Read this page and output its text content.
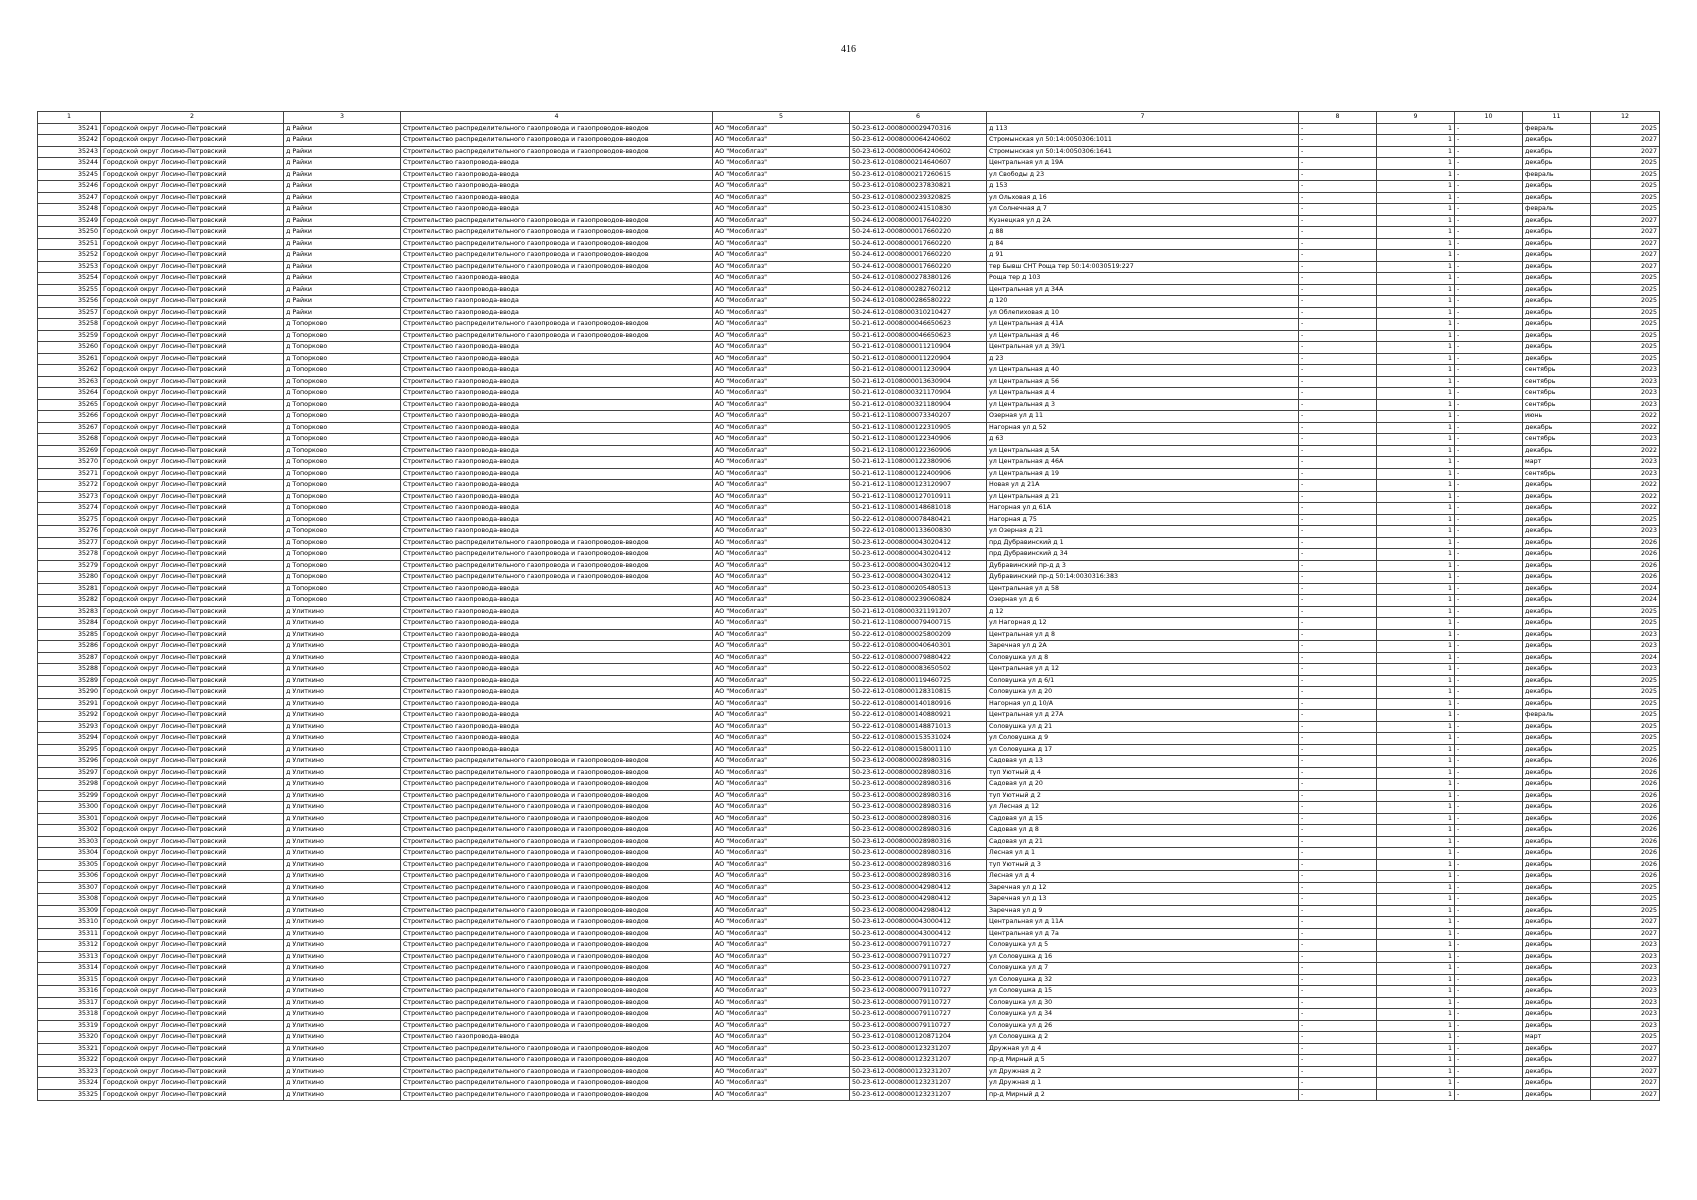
416
1	2	3	4	5	6	7	8	9	10	11	12
35241	Городской округ Лосино-Петровский	д Райки	Строительство распределительного газопровода и газопроводов-вводов	АО "Мособлгаз"	50-23-612-0008000029470316	д 113	-	1	-	февраль	2025
35242	Городской округ Лосино-Петровский	д Райки	Строительство распределительного газопровода и газопроводов-вводов	АО "Мособлгаз"	50-23-612-0008000064240602	Стромынская ул 50:14:0050306:1011	-	1	-	декабрь	2027
35243	Городской округ Лосино-Петровский	д Райки	Строительство распределительного газопровода и газопроводов-вводов	АО "Мособлгаз"	50-23-612-0008000064240602	Стромынская ул 50:14:0050306:1641	-	1	-	декабрь	2027
35244	Городской округ Лосино-Петровский	д Райки	Строительство газопровода-ввода	АО "Мособлгаз"	50-23-612-0108000214640607	Центральная ул д 19А	-	1	-	декабрь	2025
35245	Городской округ Лосино-Петровский	д Райки	Строительство газопровода-ввода	АО "Мособлгаз"	50-23-612-0108000217260615	ул Свободы д 23	-	1	-	февраль	2025
35246	Городской округ Лосино-Петровский	д Райки	Строительство газопровода-ввода	АО "Мособлгаз"	50-23-612-0108000237830821	д 153	-	1	-	декабрь	2025
35247	Городской округ Лосино-Петровский	д Райки	Строительство газопровода-ввода	АО "Мособлгаз"	50-23-612-0108000239320825	ул Ольховая д 16	-	1	-	декабрь	2025
35248	Городской округ Лосино-Петровский	д Райки	Строительство газопровода-ввода	АО "Мособлгаз"	50-23-612-0108000241510830	ул Солнечная д 7	-	1	-	февраль	2025
35249	Городской округ Лосино-Петровский	д Райки	Строительство распределительного газопровода и газопроводов-вводов	АО "Мособлгаз"	50-24-612-0008000017640220	Кузнецкая ул д 2А	-	1	-	декабрь	2027
35250	Городской округ Лосино-Петровский	д Райки	Строительство распределительного газопровода и газопроводов-вводов	АО "Мособлгаз"	50-24-612-0008000017660220	д 88	-	1	-	декабрь	2027
35251	Городской округ Лосино-Петровский	д Райки	Строительство распределительного газопровода и газопроводов-вводов	АО "Мособлгаз"	50-24-612-0008000017660220	д 84	-	1	-	декабрь	2027
35252	Городской округ Лосино-Петровский	д Райки	Строительство распределительного газопровода и газопроводов-вводов	АО "Мособлгаз"	50-24-612-0008000017660220	д 91	-	1	-	декабрь	2027
35253	Городской округ Лосино-Петровский	д Райки	Строительство распределительного газопровода и газопроводов-вводов	АО "Мособлгаз"	50-24-612-0008000017660220	тер Бывш СНТ Роща тер 50:14:0030519:227	-	1	-	декабрь	2027
35254	Городской округ Лосино-Петровский	д Райки	Строительство газопровода-ввода	АО "Мособлгаз"	50-24-612-0108000278380126	Роща тер д 103	-	1	-	декабрь	2025
35255	Городской округ Лосино-Петровский	д Райки	Строительство газопровода-ввода	АО "Мособлгаз"	50-24-612-0108000282760212	Центральная ул д 34А	-	1	-	декабрь	2025
35256	Городской округ Лосино-Петровский	д Райки	Строительство газопровода-ввода	АО "Мособлгаз"	50-24-612-0108000286580222	д 120	-	1	-	декабрь	2025
35257	Городской округ Лосино-Петровский	д Райки	Строительство газопровода-ввода	АО "Мособлгаз"	50-24-612-0108000310210427	ул Облепиховая д 10	-	1	-	декабрь	2025
35258	Городской округ Лосино-Петровский	д Топорково	Строительство распределительного газопровода и газопроводов-вводов	АО "Мособлгаз"	50-21-612-0008000046650623	ул Центральная д 41А	-	1	-	декабрь	2025
35259	Городской округ Лосино-Петровский	д Топорково	Строительство распределительного газопровода и газопроводов-вводов	АО "Мособлгаз"	50-21-612-0008000046650623	ул Центральная д 46	-	1	-	декабрь	2025
35260	Городской округ Лосино-Петровский	д Топорково	Строительство газопровода-ввода	АО "Мособлгаз"	50-21-612-0108000011210904	Центральная ул д 39/1	-	1	-	декабрь	2025
35261	Городской округ Лосино-Петровский	д Топорково	Строительство газопровода-ввода	АО "Мособлгаз"	50-21-612-0108000011220904	д 23	-	1	-	декабрь	2025
35262	Городской округ Лосино-Петровский	д Топорково	Строительство газопровода-ввода	АО "Мособлгаз"	50-21-612-0108000011230904	ул Центральная д 40	-	1	-	сентябрь	2023
35263	Городской округ Лосино-Петровский	д Топорково	Строительство газопровода-ввода	АО "Мособлгаз"	50-21-612-0108000013630904	ул Центральная д 56	-	1	-	сентябрь	2023
35264	Городской округ Лосино-Петровский	д Топорково	Строительство газопровода-ввода	АО "Мособлгаз"	50-21-612-0108000321170904	ул Центральная д 4	-	1	-	сентябрь	2023
35265	Городской округ Лосино-Петровский	д Топорково	Строительство газопровода-ввода	АО "Мособлгаз"	50-21-612-0108000321180904	ул Центральная д 3	-	1	-	сентябрь	2023
35266	Городской округ Лосино-Петровский	д Топорково	Строительство газопровода-ввода	АО "Мособлгаз"	50-21-612-1108000073340207	Озерная ул д 11	-	1	-	июнь	2022
35267	Городской округ Лосино-Петровский	д Топорково	Строительство газопровода-ввода	АО "Мособлгаз"	50-21-612-1108000122310905	Нагорная ул д 52	-	1	-	декабрь	2022
35268	Городской округ Лосино-Петровский	д Топорково	Строительство газопровода-ввода	АО "Мособлгаз"	50-21-612-1108000122340906	д 63	-	1	-	сентябрь	2023
35269	Городской округ Лосино-Петровский	д Топорково	Строительство газопровода-ввода	АО "Мособлгаз"	50-21-612-1108000122360906	ул Центральная д 5А	-	1	-	декабрь	2022
35270	Городской округ Лосино-Петровский	д Топорково	Строительство газопровода-ввода	АО "Мособлгаз"	50-21-612-1108000122380906	ул Центральная д 46А	-	1	-	март	2023
35271	Городской округ Лосино-Петровский	д Топорково	Строительство газопровода-ввода	АО "Мособлгаз"	50-21-612-1108000122400906	ул Центральная д 19	-	1	-	сентябрь	2023
35272	Городской округ Лосино-Петровский	д Топорково	Строительство газопровода-ввода	АО "Мособлгаз"	50-21-612-1108000123120907	Новая ул д 21А	-	1	-	декабрь	2022
35273	Городской округ Лосино-Петровский	д Топорково	Строительство газопровода-ввода	АО "Мособлгаз"	50-21-612-1108000127010911	ул Центральная д 21	-	1	-	декабрь	2022
35274	Городской округ Лосино-Петровский	д Топорково	Строительство газопровода-ввода	АО "Мособлгаз"	50-21-612-1108000148681018	Нагорная ул д 61А	-	1	-	декабрь	2022
35275	Городской округ Лосино-Петровский	д Топорково	Строительство газопровода-ввода	АО "Мособлгаз"	50-22-612-0108000078480421	Нагорная д 75	-	1	-	декабрь	2025
35276	Городской округ Лосино-Петровский	д Топорково	Строительство газопровода-ввода	АО "Мособлгаз"	50-22-612-0108000133600830	ул Озерная д 21	-	1	-	декабрь	2023
35277	Городской округ Лосино-Петровский	д Топорково	Строительство распределительного газопровода и газопроводов-вводов	АО "Мособлгаз"	50-23-612-0008000043020412	прд Дубравинский д 1	-	1	-	декабрь	2026
35278	Городской округ Лосино-Петровский	д Топорково	Строительство распределительного газопровода и газопроводов-вводов	АО "Мособлгаз"	50-23-612-0008000043020412	прд Дубравинский д 34	-	1	-	декабрь	2026
35279	Городской округ Лосино-Петровский	д Топорково	Строительство распределительного газопровода и газопроводов-вводов	АО "Мособлгаз"	50-23-612-0008000043020412	Дубравинский пр-д д 3	-	1	-	декабрь	2026
35280	Городской округ Лосино-Петровский	д Топорково	Строительство распределительного газопровода и газопроводов-вводов	АО "Мособлгаз"	50-23-612-0008000043020412	Дубравинский пр-д 50:14:0030316:383	-	1	-	декабрь	2026
35281	Городской округ Лосино-Петровский	д Топорково	Строительство газопровода-ввода	АО "Мособлгаз"	50-23-612-0108000205480513	Центральная ул д 58	-	1	-	декабрь	2024
35282	Городской округ Лосино-Петровский	д Топорково	Строительство газопровода-ввода	АО "Мособлгаз"	50-23-612-0108000239060824	Озерная ул д 6	-	1	-	декабрь	2024
35283	Городской округ Лосино-Петровский	д Улиткино	Строительство газопровода-ввода	АО "Мособлгаз"	50-21-612-0108000321191207	д 12	-	1	-	декабрь	2025
35284	Городской округ Лосино-Петровский	д Улиткино	Строительство газопровода-ввода	АО "Мособлгаз"	50-21-612-1108000079400715	ул Нагорная д 12	-	1	-	декабрь	2025
35285	Городской округ Лосино-Петровский	д Улиткино	Строительство газопровода-ввода	АО "Мособлгаз"	50-22-612-0108000025800209	Центральная ул д 8	-	1	-	декабрь	2023
35286	Городской округ Лосино-Петровский	д Улиткино	Строительство газопровода-ввода	АО "Мособлгаз"	50-22-612-0108000040640301	Заречная ул д 2А	-	1	-	декабрь	2023
35287	Городской округ Лосино-Петровский	д Улиткино	Строительство газопровода-ввода	АО "Мособлгаз"	50-22-612-0108000079880422	Соловушка ул д 8	-	1	-	декабрь	2024
35288	Городской округ Лосино-Петровский	д Улиткино	Строительство газопровода-ввода	АО "Мособлгаз"	50-22-612-0108000083650502	Центральная ул д 12	-	1	-	декабрь	2023
35289	Городской округ Лосино-Петровский	д Улиткино	Строительство газопровода-ввода	АО "Мособлгаз"	50-22-612-0108000119460725	Соловушка ул д 6/1	-	1	-	декабрь	2025
35290	Городской округ Лосино-Петровский	д Улиткино	Строительство газопровода-ввода	АО "Мособлгаз"	50-22-612-0108000128310815	Соловушка ул д 20	-	1	-	декабрь	2025
35291	Городской округ Лосино-Петровский	д Улиткино	Строительство газопровода-ввода	АО "Мособлгаз"	50-22-612-0108000140180916	Нагорная ул д 10/А	-	1	-	декабрь	2025
35292	Городской округ Лосино-Петровский	д Улиткино	Строительство газопровода-ввода	АО "Мособлгаз"	50-22-612-0108000140880921	Центральная ул д 27А	-	1	-	февраль	2025
35293	Городской округ Лосино-Петровский	д Улиткино	Строительство газопровода-ввода	АО "Мособлгаз"	50-22-612-0108000148871013	Соловушка ул д 21	-	1	-	декабрь	2025
35294	Городской округ Лосино-Петровский	д Улиткино	Строительство газопровода-ввода	АО "Мособлгаз"	50-22-612-0108000153531024	ул Соловушка д 9	-	1	-	декабрь	2025
35295	Городской округ Лосино-Петровский	д Улиткино	Строительство газопровода-ввода	АО "Мособлгаз"	50-22-612-0108000158001110	ул Соловушка д 17	-	1	-	декабрь	2025
35296	Городской округ Лосино-Петровский	д Улиткино	Строительство распределительного газопровода и газопроводов-вводов	АО "Мособлгаз"	50-23-612-0008000028980316	Садовая ул д 13	-	1	-	декабрь	2026
35297	Городской округ Лосино-Петровский	д Улиткино	Строительство распределительного газопровода и газопроводов-вводов	АО "Мособлгаз"	50-23-612-0008000028980316	туп Уютный д 4	-	1	-	декабрь	2026
35298	Городской округ Лосино-Петровский	д Улиткино	Строительство распределительного газопровода и газопроводов-вводов	АО "Мособлгаз"	50-23-612-0008000028980316	Садовая ул д 20	-	1	-	декабрь	2026
35299	Городской округ Лосино-Петровский	д Улиткино	Строительство распределительного газопровода и газопроводов-вводов	АО "Мособлгаз"	50-23-612-0008000028980316	туп Уютный д 2	-	1	-	декабрь	2026
35300	Городской округ Лосино-Петровский	д Улиткино	Строительство распределительного газопровода и газопроводов-вводов	АО "Мособлгаз"	50-23-612-0008000028980316	ул Лесная д 12	-	1	-	декабрь	2026
35301	Городской округ Лосино-Петровский	д Улиткино	Строительство распределительного газопровода и газопроводов-вводов	АО "Мособлгаз"	50-23-612-0008000028980316	Садовая ул д 15	-	1	-	декабрь	2026
35302	Городской округ Лосино-Петровский	д Улиткино	Строительство распределительного газопровода и газопроводов-вводов	АО "Мособлгаз"	50-23-612-0008000028980316	Садовая ул д 8	-	1	-	декабрь	2026
35303	Городской округ Лосино-Петровский	д Улиткино	Строительство распределительного газопровода и газопроводов-вводов	АО "Мособлгаз"	50-23-612-0008000028980316	Садовая ул д 21	-	1	-	декабрь	2026
35304	Городской округ Лосино-Петровский	д Улиткино	Строительство распределительного газопровода и газопроводов-вводов	АО "Мособлгаз"	50-23-612-0008000028980316	Лесная ул д 1	-	1	-	декабрь	2026
35305	Городской округ Лосино-Петровский	д Улиткино	Строительство распределительного газопровода и газопроводов-вводов	АО "Мособлгаз"	50-23-612-0008000028980316	туп Уютный д 3	-	1	-	декабрь	2026
35306	Городской округ Лосино-Петровский	д Улиткино	Строительство распределительного газопровода и газопроводов-вводов	АО "Мособлгаз"	50-23-612-0008000028980316	Лесная ул д 4	-	1	-	декабрь	2026
35307	Городской округ Лосино-Петровский	д Улиткино	Строительство распределительного газопровода и газопроводов-вводов	АО "Мособлгаз"	50-23-612-0008000042980412	Заречная ул д 12	-	1	-	декабрь	2025
35308	Городской округ Лосино-Петровский	д Улиткино	Строительство распределительного газопровода и газопроводов-вводов	АО "Мособлгаз"	50-23-612-0008000042980412	Заречная ул д 13	-	1	-	декабрь	2025
35309	Городской округ Лосино-Петровский	д Улиткино	Строительство распределительного газопровода и газопроводов-вводов	АО "Мособлгаз"	50-23-612-0008000042980412	Заречная ул д 9	-	1	-	декабрь	2025
35310	Городской округ Лосино-Петровский	д Улиткино	Строительство распределительного газопровода и газопроводов-вводов	АО "Мособлгаз"	50-23-612-0008000043000412	Центральная ул д 11А	-	1	-	декабрь	2027
35311	Городской округ Лосино-Петровский	д Улиткино	Строительство распределительного газопровода и газопроводов-вводов	АО "Мособлгаз"	50-23-612-0008000043000412	Центральная ул д 7а	-	1	-	декабрь	2027
35312	Городской округ Лосино-Петровский	д Улиткино	Строительство распределительного газопровода и газопроводов-вводов	АО "Мособлгаз"	50-23-612-0008000079110727	Соловушка ул д 5	-	1	-	декабрь	2023
35313	Городской округ Лосино-Петровский	д Улиткино	Строительство распределительного газопровода и газопроводов-вводов	АО "Мособлгаз"	50-23-612-0008000079110727	ул Соловушка д 16	-	1	-	декабрь	2023
35314	Городской округ Лосино-Петровский	д Улиткино	Строительство распределительного газопровода и газопроводов-вводов	АО "Мособлгаз"	50-23-612-0008000079110727	Соловушка ул д 7	-	1	-	декабрь	2023
35315	Городской округ Лосино-Петровский	д Улиткино	Строительство распределительного газопровода и газопроводов-вводов	АО "Мособлгаз"	50-23-612-0008000079110727	ул Соловушка д 32	-	1	-	декабрь	2023
35316	Городской округ Лосино-Петровский	д Улиткино	Строительство распределительного газопровода и газопроводов-вводов	АО "Мособлгаз"	50-23-612-0008000079110727	ул Соловушка д 15	-	1	-	декабрь	2023
35317	Городской округ Лосино-Петровский	д Улиткино	Строительство распределительного газопровода и газопроводов-вводов	АО "Мособлгаз"	50-23-612-0008000079110727	Соловушка ул д 30	-	1	-	декабрь	2023
35318	Городской округ Лосино-Петровский	д Улиткино	Строительство распределительного газопровода и газопроводов-вводов	АО "Мособлгаз"	50-23-612-0008000079110727	Соловушка ул д 34	-	1	-	декабрь	2023
35319	Городской округ Лосино-Петровский	д Улиткино	Строительство распределительного газопровода и газопроводов-вводов	АО "Мособлгаз"	50-23-612-0008000079110727	Соловушка ул д 26	-	1	-	декабрь	2023
35320	Городской округ Лосино-Петровский	д Улиткино	Строительство газопровода-ввода	АО "Мособлгаз"	50-23-612-0108000120871204	ул Соловушка д 2	-	1	-	март	2025
35321	Городской округ Лосино-Петровский	д Улиткино	Строительство распределительного газопровода и газопроводов-вводов	АО "Мособлгаз"	50-23-612-0008000123231207	Дружная ул д 4	-	1	-	декабрь	2027
35322	Городской округ Лосино-Петровский	д Улиткино	Строительство распределительного газопровода и газопроводов-вводов	АО "Мособлгаз"	50-23-612-0008000123231207	пр-д Мирный д 5	-	1	-	декабрь	2027
35323	Городской округ Лосино-Петровский	д Улиткино	Строительство распределительного газопровода и газопроводов-вводов	АО "Мособлгаз"	50-23-612-0008000123231207	ул Дружная д 2	-	1	-	декабрь	2027
35324	Городской округ Лосино-Петровский	д Улиткино	Строительство распределительного газопровода и газопроводов-вводов	АО "Мособлгаз"	50-23-612-0008000123231207	ул Дружная д 1	-	1	-	декабрь	2027
35325	Городской округ Лосино-Петровский	д Улиткино	Строительство распределительного газопровода и газопроводов-вводов	АО "Мособлгаз"	50-23-612-0008000123231207	пр-д Мирный д 2	-	1	-	декабрь	2027
